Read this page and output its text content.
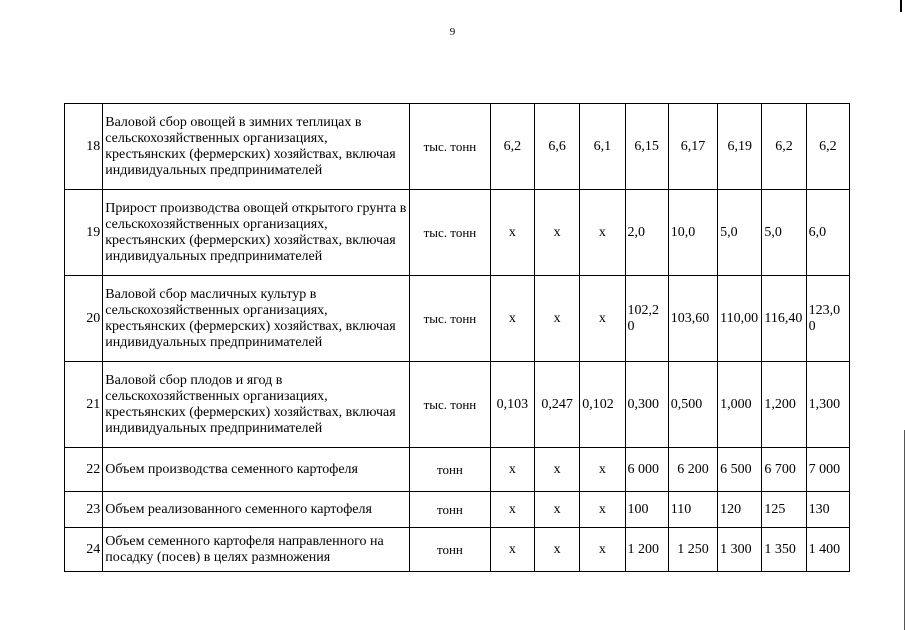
9
18	Валовой сбор овощей в зимних теплицах в сельскохозяйственных организациях, крестьянских (фермерских) хозяйствах, включая индивидуальных предпринимателей	тыс. тонн	6,2	6,6	6,1	6,15	6,17	6,19	6,2	6,2
19	Прирост производства овощей открытого грунта в сельскохозяйственных организациях, крестьянских (фермерских) хозяйствах, включая индивидуальных предпринимателей	тыс. тонн	х	х	х	2,0	10,0	5,0	5,0	6,0
20	Валовой сбор масличных культур в сельскохозяйственных организациях, крестьянских (фермерских) хозяйствах, включая индивидуальных предпринимателей	тыс. тонн	х	х	х	102,20	103,60	110,00	116,40	123,00
21	Валовой сбор плодов и ягод в сельскохозяйственных организациях, крестьянских (фермерских) хозяйствах, включая индивидуальных предпринимателей	тыс. тонн	0,103	0,247	0,102	0,300	0,500	1,000	1,200	1,300
22	Объем производства семенного картофеля	тонн	х	х	х	6 000	6 200	6 500	6 700	7 000
23	Объем реализованного семенного картофеля	тонн	х	х	х	100	110	120	125	130
24	Объем семенного картофеля направленного на посадку (посев) в целях размножения	тонн	х	х	х	1 200	1 250	1 300	1 350	1 400
